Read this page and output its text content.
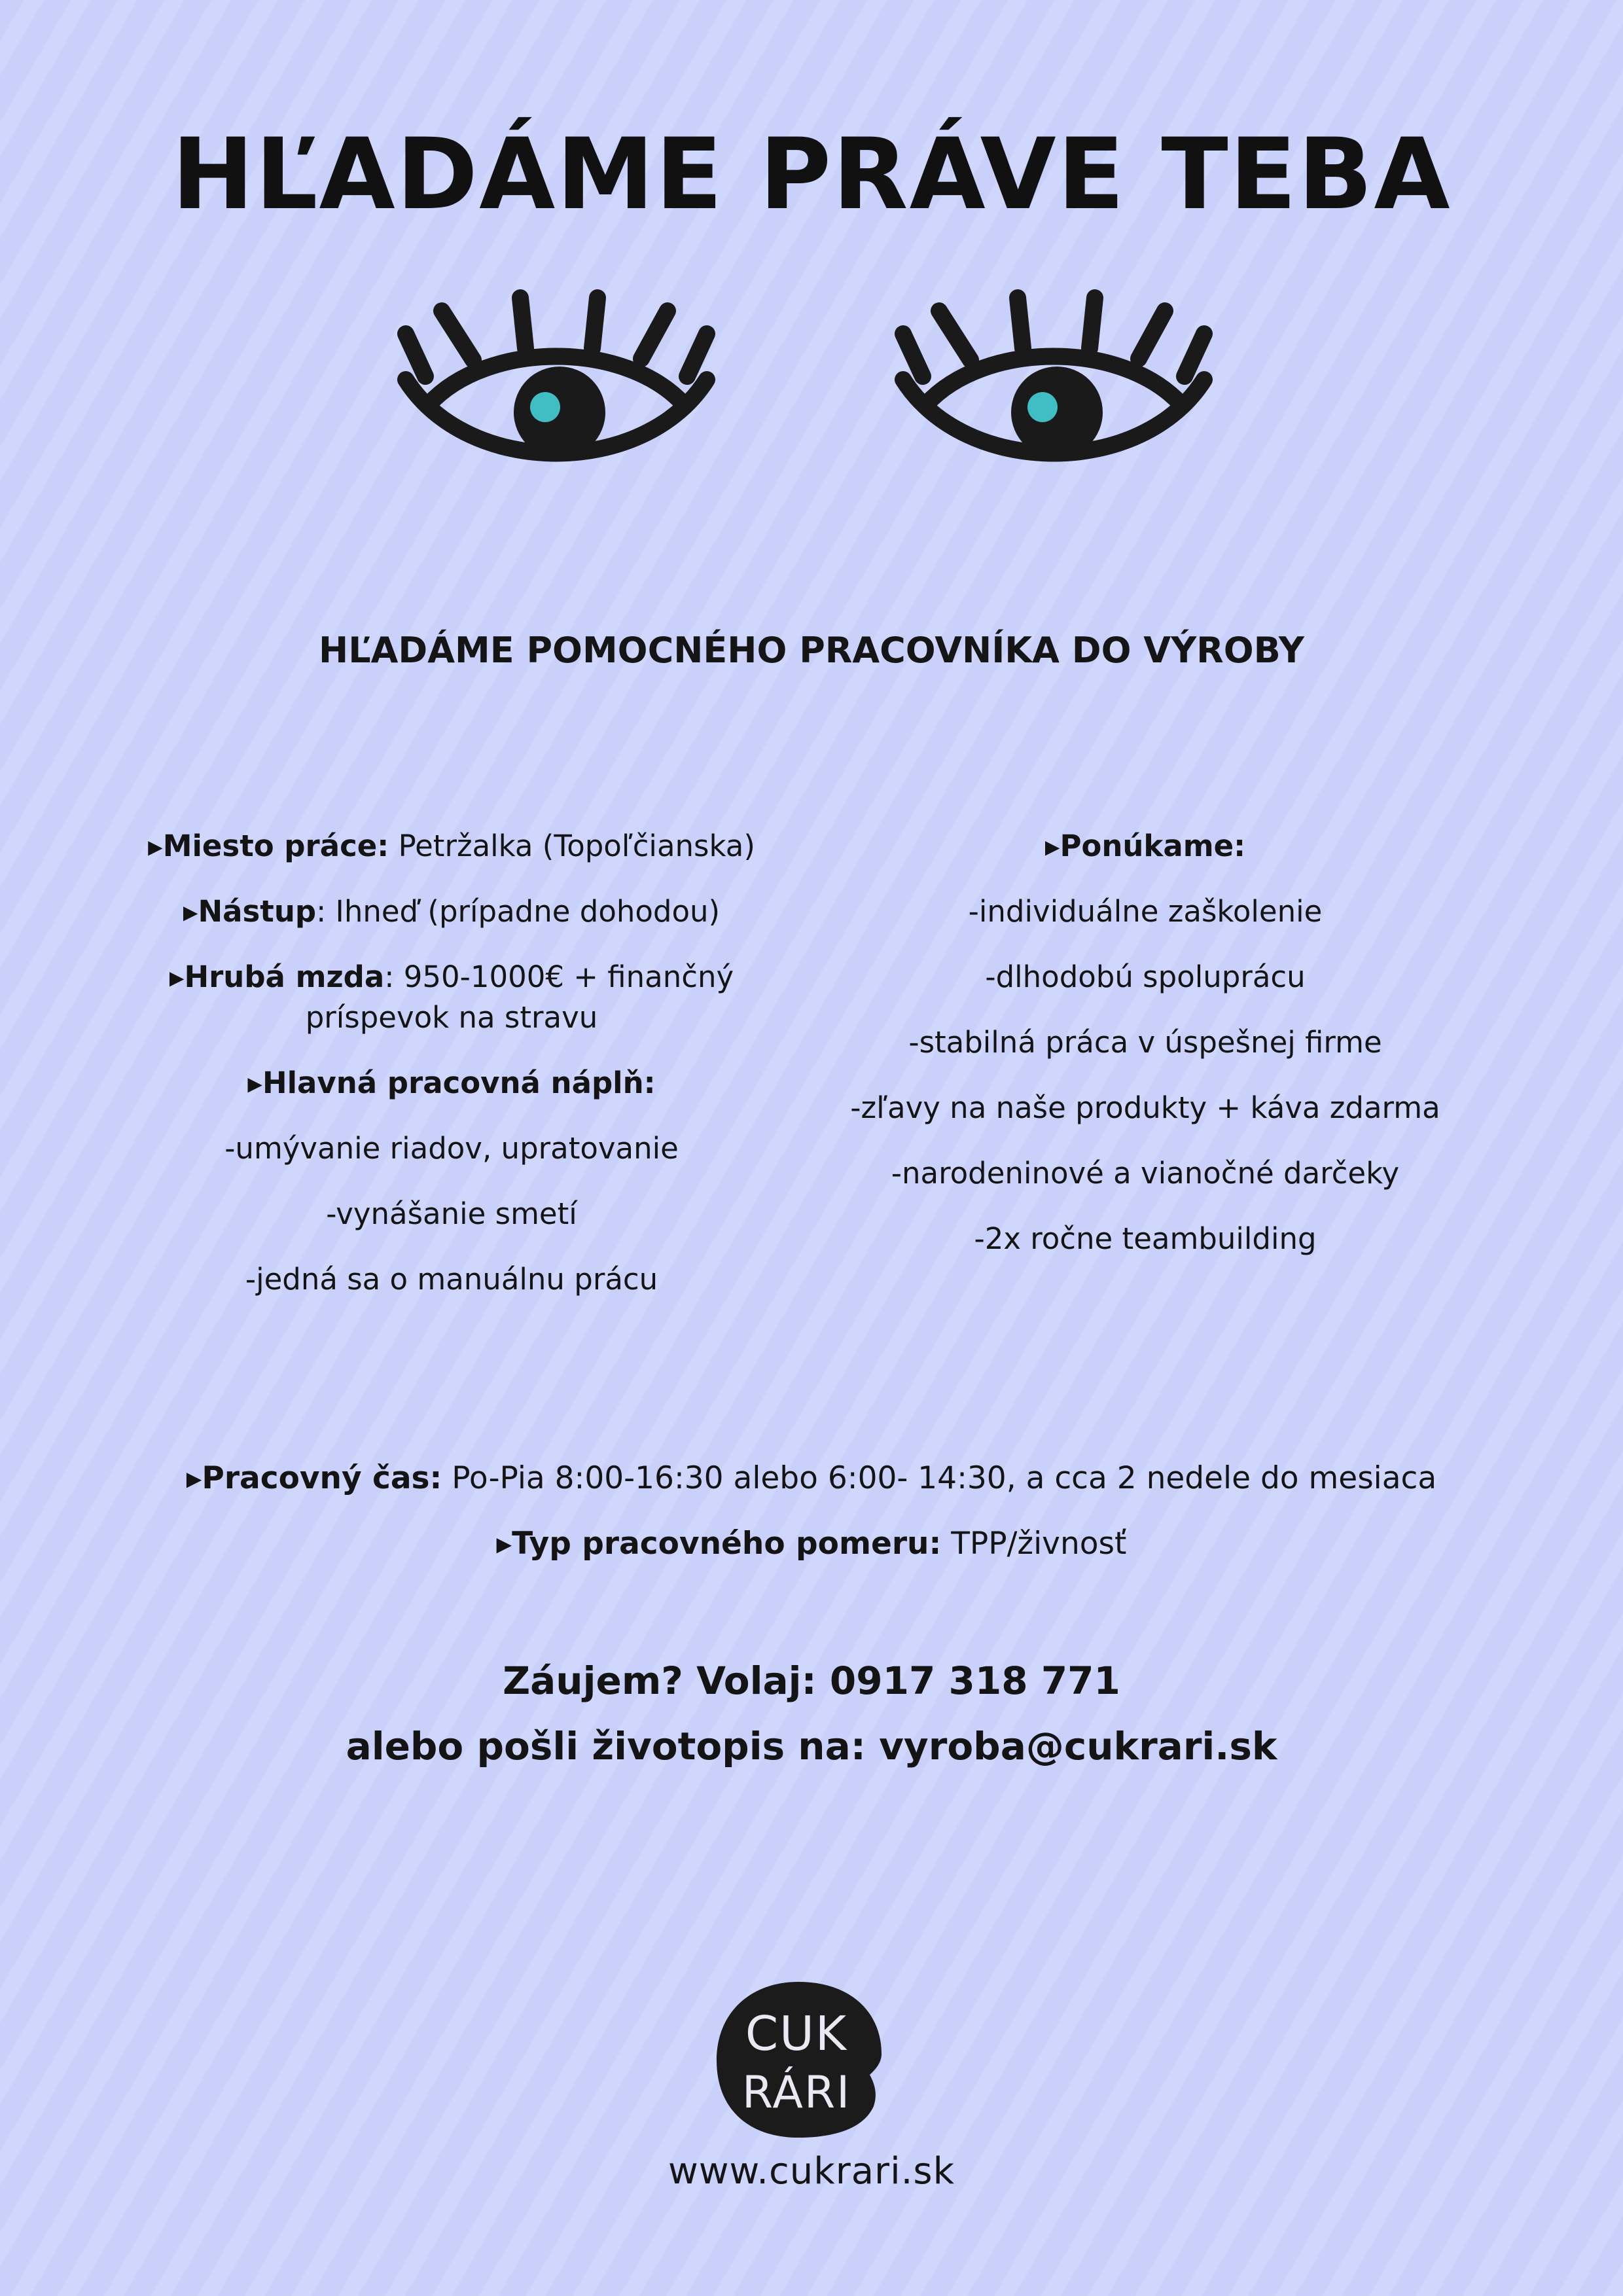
HĽADÁME PRÁVE TEBA
HĽADÁME POMOCNÉHO PRACOVNÍKA DO VÝROBY
▸Miesto práce: Petržalka (Topoľčianska)
▸Nástup: Ihneď (prípadne dohodou)
▸Hrubá mzda: 950-1000€ + finančný
príspevok na stravu
▸Hlavná pracovná náplň:
-umývanie riadov, upratovanie
-vynášanie smetí
-jedná sa o manuálnu prácu
▸Ponúkame:
-individuálne zaškolenie
-dlhodobú spoluprácu
-stabilná práca v úspešnej firme
-zľavy na naše produkty + káva zdarma
-narodeninové a vianočné darčeky
-2x ročne teambuilding
▸Pracovný čas: Po-Pia 8:00-16:30 alebo 6:00- 14:30, a cca 2 nedele do mesiaca
▸Typ pracovného pomeru: TPP/živnosť
Záujem? Volaj: 0917 318 771
alebo pošli životopis na: vyroba@cukrari.sk
CUK
RÁRI
www.cukrari.sk
